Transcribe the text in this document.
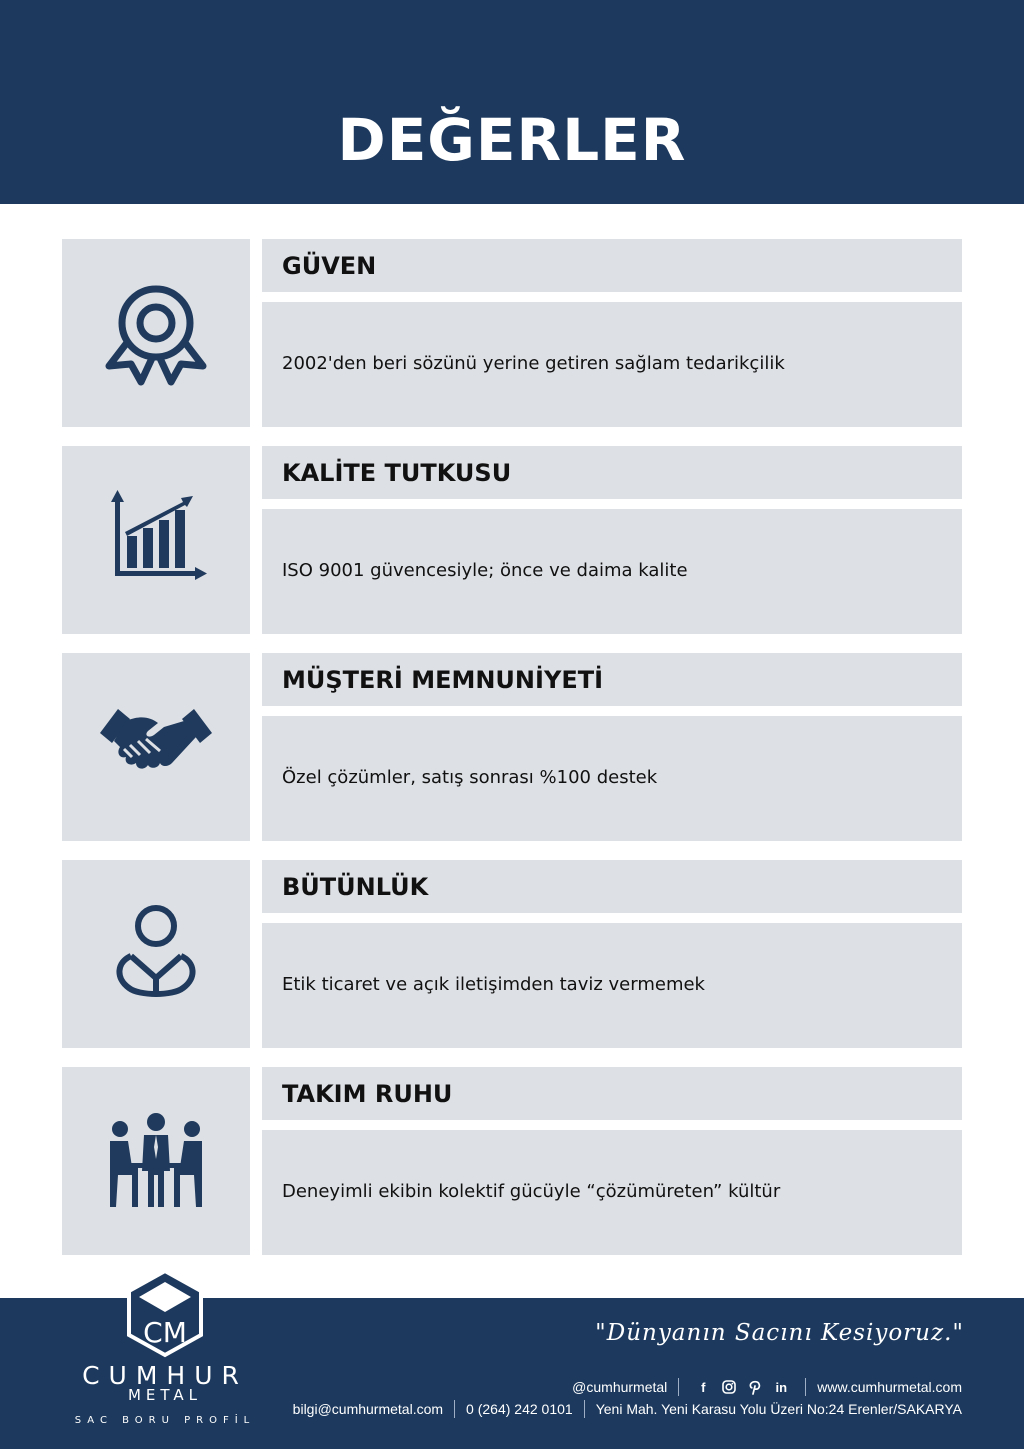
DEĞERLER
GÜVEN
2002'den beri sözünü yerine getiren sağlam tedarikçilik
KALİTE TUTKUSU
ISO 9001 güvencesiyle; önce ve daima kalite
MÜŞTERİ MEMNUNİYETİ
Özel çözümler, satış sonrası %100 destek
BÜTÜNLÜK
Etik ticaret ve açık iletişimden taviz vermemek
TAKIM RUHU
Deneyimli ekibin kolektif gücüyle “çözümüreten” kültür
CM
CUMHUR
METAL
SAC BORU PROFİL
"Dünyanın Sacını Kesiyoruz."
@cumhurmetal	f	in www.cumhurmetal.com
bilgi@cumhurmetal.com 0 (264) 242 0101 Yeni Mah. Yeni Karasu Yolu Üzeri No:24 Erenler/SAKARYA
